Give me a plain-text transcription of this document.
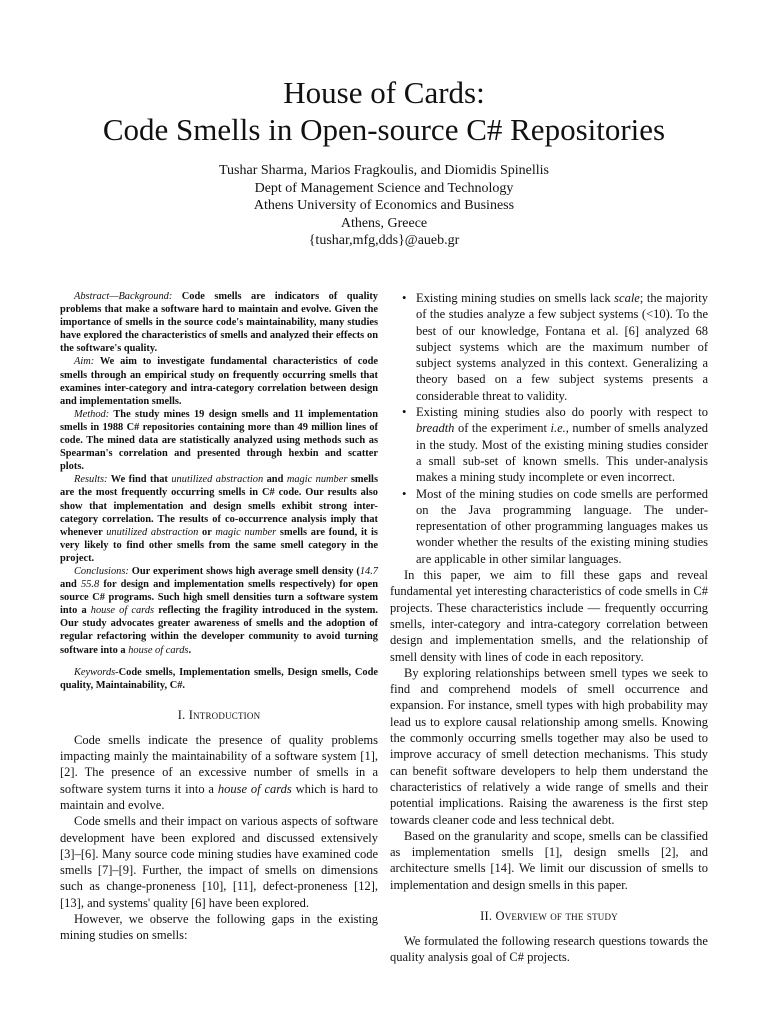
House of Cards:
Code Smells in Open-source C# Repositories
Tushar Sharma, Marios Fragkoulis, and Diomidis Spinellis
Dept of Management Science and Technology
Athens University of Economics and Business
Athens, Greece
{tushar,mfg,dds}@aueb.gr

Abstract—Background: Code smells are indicators of quality problems that make a software hard to maintain and evolve. Given the importance of smells in the source code's maintainability, many studies have explored the characteristics of smells and analyzed their effects on the software's quality.

Aim: We aim to investigate fundamental characteristics of code smells through an empirical study on frequently occurring smells that examines inter-category and intra-category correlation between design and implementation smells.

Method: The study mines 19 design smells and 11 implementation smells in 1988 C# repositories containing more than 49 million lines of code. The mined data are statistically analyzed using methods such as Spearman's correlation and presented through hexbin and scatter plots.

Results: We find that unutilized abstraction and magic number smells are the most frequently occurring smells in C# code. Our results also show that implementation and design smells exhibit strong inter-category correlation. The results of co-occurrence analysis imply that whenever unutilized abstraction or magic number smells are found, it is very likely to find other smells from the same smell category in the project.

Conclusions: Our experiment shows high average smell density (14.7 and 55.8 for design and implementation smells respectively) for open source C# programs. Such high smell densities turn a software system into a house of cards reflecting the fragility introduced in the system. Our study advocates greater awareness of smells and the adoption of regular refactoring within the developer community to avoid turning software into a house of cards.

Keywords-Code smells, Implementation smells, Design smells, Code quality, Maintainability, C#.

I. Introduction

Code smells indicate the presence of quality problems impacting mainly the maintainability of a software system [1], [2]. The presence of an excessive number of smells in a software system turns it into a house of cards which is hard to maintain and evolve.

Code smells and their impact on various aspects of software development have been explored and discussed extensively [3]–[6]. Many source code mining studies have examined code smells [7]–[9]. Further, the impact of smells on dimensions such as change-proneness [10], [11], defect-proneness [12], [13], and systems' quality [6] have been explored.

However, we observe the following gaps in the existing mining studies on smells:

• Existing mining studies on smells lack scale; the majority of the studies analyze a few subject systems (<10). To the best of our knowledge, Fontana et al. [6] analyzed 68 subject systems which are the maximum number of subject systems analyzed in this context. Generalizing a theory based on a few subject systems presents a considerable threat to validity.
• Existing mining studies also do poorly with respect to breadth of the experiment i.e., number of smells analyzed in the study. Most of the existing mining studies consider a small sub-set of known smells. This under-analysis makes a mining study incomplete or even incorrect.
• Most of the mining studies on code smells are performed on the Java programming language. The under-representation of other programming languages makes us wonder whether the results of the existing mining studies are applicable in other similar languages.

In this paper, we aim to fill these gaps and reveal fundamental yet interesting characteristics of code smells in C# projects. These characteristics include — frequently occurring smells, inter-category and intra-category correlation between design and implementation smells, and the relationship of smell density with lines of code in each repository.

By exploring relationships between smell types we seek to find and comprehend models of smell occurrence and expansion. For instance, smell types with high probability may lead us to explore causal relationship among smells. Knowing the commonly occurring smells together may also be used to improve accuracy of smell detection mechanisms. This study can benefit software developers to help them understand the characteristics of relatively a wide range of smells and their potential implications. Raising the awareness is the first step towards cleaner code and less technical debt.

Based on the granularity and scope, smells can be classified as implementation smells [1], design smells [2], and architecture smells [14]. We limit our discussion of smells to implementation and design smells in this paper.

II. Overview of the study

We formulated the following research questions towards the quality analysis goal of C# projects.
